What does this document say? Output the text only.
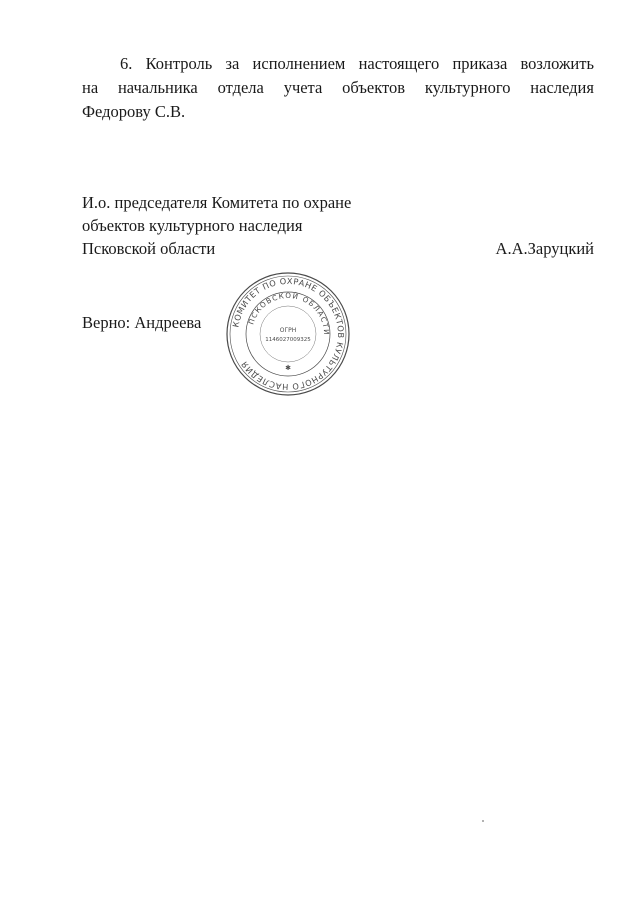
6. Контроль за исполнением настоящего приказа возложить
на начальника отдела учета объектов культурного наследия
Федорову С.В.
И.о. председателя Комитета по охране
объектов культурного наследия
Псковской области	А.А.Заруцкий
Верно: Андреева	КОМИТЕТ ПО ОХРАНЕ ОБЪЕКТОВ КУЛЬТУРНОГО НАСЛЕДИЯ
ПСКОВСКОЙ ОБЛАСТИ
ОГРН
1146027009325
✱
